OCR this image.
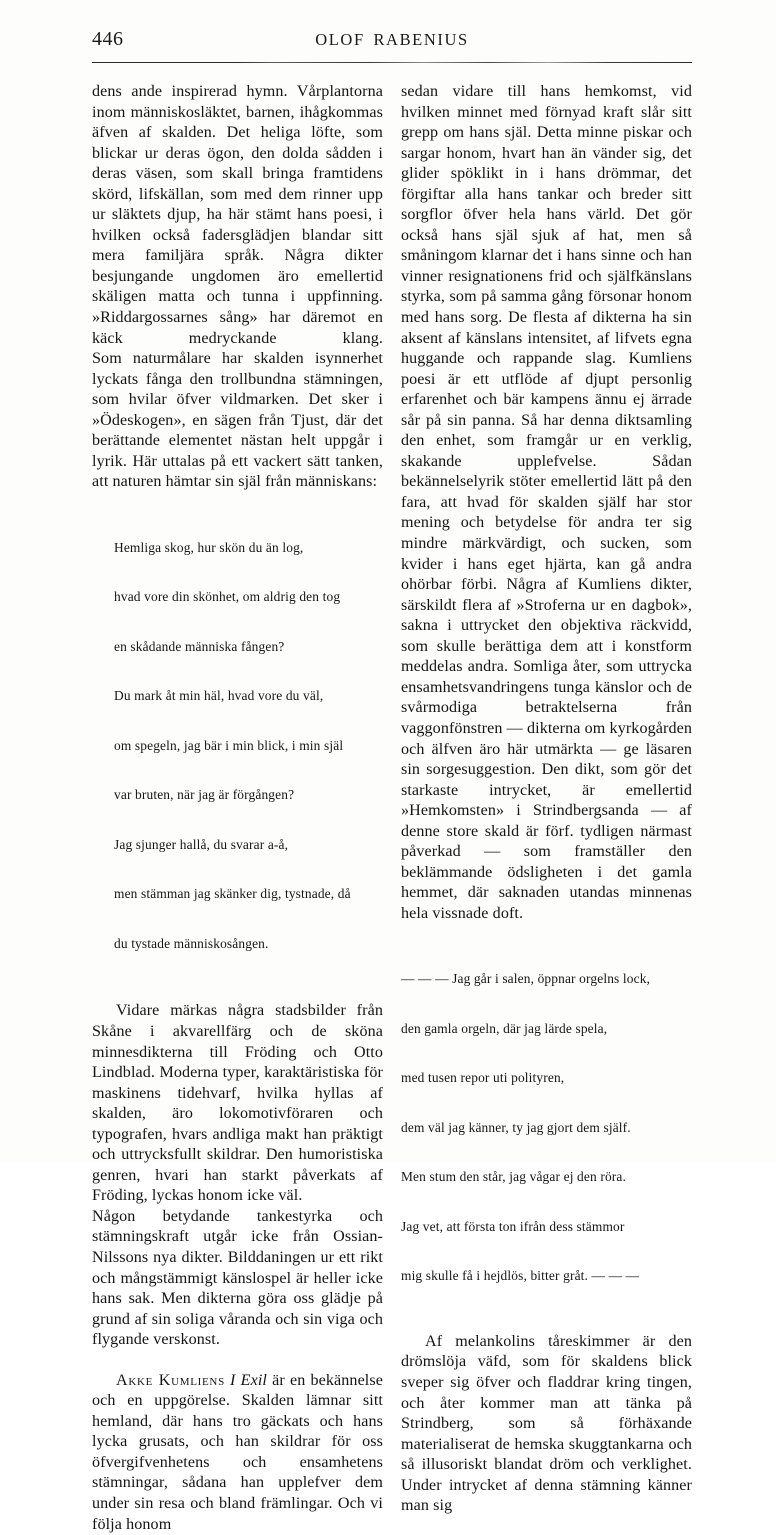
446	OLOF RABENIUS

dens ande inspirerad hymn. Vårplantorna inom människosläktet, barnen, ihågkommas äfven af skalden. Det heliga löfte, som blickar ur deras ögon, den dolda sådden i deras väsen, som skall bringa framtidens skörd, lifskällan, som med dem rinner upp ur släktets djup, ha här stämt hans poesi, i hvilken också fadersglädjen blandar sitt mera familjära språk. Några dikter besjungande ungdomen äro emellertid skäligen matta och tunna i uppfinning. »Riddargossarnes sång» har däremot en käck medryckande klang.

Som naturmålare har skalden isynnerhet lyckats fånga den trollbundna stämningen, som hvilar öfver vildmarken. Det sker i »Ödeskogen», en sägen från Tjust, där det berättande elementet nästan helt uppgår i lyrik. Här uttalas på ett vackert sätt tanken, att naturen hämtar sin själ från människans:

Hemliga skog, hur skön du än log,

hvad vore din skönhet, om aldrig den tog

en skådande människa fången?

Du mark åt min häl, hvad vore du väl,

om spegeln, jag bär i min blick, i min själ

var bruten, när jag är förgången?

Jag sjunger hallå, du svarar a-å,

men stämman jag skänker dig, tystnade, då

du tystade människosången.

Vidare märkas några stadsbilder från Skåne i akvarellfärg och de sköna minnesdikterna till Fröding och Otto Lindblad. Moderna typer, karaktäristiska för maskinens tidehvarf, hvilka hyllas af skalden, äro lokomotivföraren och typografen, hvars andliga makt han präktigt och uttrycksfullt skildrar. Den humoristiska genren, hvari han starkt påverkats af Fröding, lyckas honom icke väl.

Någon betydande tankestyrka och stämningskraft utgår icke från Ossian-Nilssons nya dikter. Bilddaningen ur ett rikt och mångstämmigt känslospel är heller icke hans sak. Men dikterna göra oss glädje på grund af sin soliga våranda och sin viga och flygande verskonst.

Akke Kumliens I Exil är en bekännelse och en uppgörelse. Skalden lämnar sitt hemland, där hans tro gäckats och hans lycka grusats, och han skildrar för oss öfvergifvenhetens och ensamhetens stämningar, sådana han upplefver dem under sin resa och bland främlingar. Och vi följa honom

sedan vidare till hans hemkomst, vid hvilken minnet med förnyad kraft slår sitt grepp om hans själ. Detta minne piskar och sargar honom, hvart han än vänder sig, det glider spöklikt in i hans drömmar, det förgiftar alla hans tankar och breder sitt sorgflor öfver hela hans värld. Det gör också hans själ sjuk af hat, men så småningom klarnar det i hans sinne och han vinner resignationens frid och själfkänslans styrka, som på samma gång försonar honom med hans sorg. De flesta af dikterna ha sin aksent af känslans intensitet, af lifvets egna huggande och rappande slag. Kumliens poesi är ett utflöde af djupt personlig erfarenhet och bär kampens ännu ej ärrade sår på sin panna. Så har denna diktsamling den enhet, som framgår ur en verklig, skakande upplefvelse. Sådan bekännelselyrik stöter emellertid lätt på den fara, att hvad för skalden själf har stor mening och betydelse för andra ter sig mindre märkvärdigt, och sucken, som kvider i hans eget hjärta, kan gå andra ohörbar förbi. Några af Kumliens dikter, särskildt flera af »Stroferna ur en dagbok», sakna i uttrycket den objektiva räckvidd, som skulle berättiga dem att i konstform meddelas andra. Somliga åter, som uttrycka ensamhetsvandringens tunga känslor och de svårmodiga betraktelserna från vaggonfönstren — dikterna om kyrkogården och älfven äro här utmärkta — ge läsaren sin sorgesuggestion. Den dikt, som gör det starkaste intrycket, är emellertid »Hemkomsten» i Strindbergsanda — af denne store skald är förf. tydligen närmast påverkad — som framställer den beklämmande ödsligheten i det gamla hemmet, där saknaden utandas minnenas hela vissnade doft.

— — — Jag går i salen, öppnar orgelns lock,

den gamla orgeln, där jag lärde spela,

med tusen repor uti polityren,

dem väl jag känner, ty jag gjort dem själf.

Men stum den står, jag vågar ej den röra.

Jag vet, att första ton ifrån dess stämmor

mig skulle få i hejdlös, bitter gråt. — — —

Af melankolins tåreskimmer är den drömslöja väfd, som för skaldens blick sveper sig öfver och fladdrar kring tingen, och åter kommer man att tänka på Strindberg, som så förhäxande materialiserat de hemska skuggtankarna och så illusoriskt blandat dröm och verklighet. Under intrycket af denna stämning känner man sig
